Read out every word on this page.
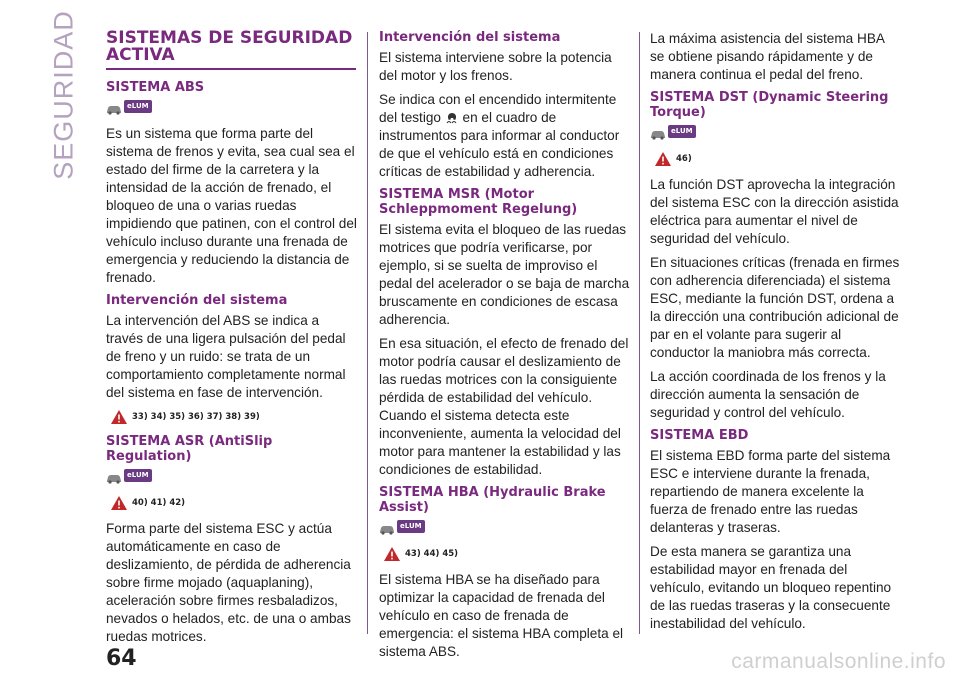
SEGURIDAD SISTEMAS DE SEGURIDAD ACTIVA
SISTEMA ABS
eLUM

Es un sistema que forma parte del sistema de frenos y evita, sea cual sea el estado del firme de la carretera y la intensidad de la acción de frenado, el bloqueo de una o varias ruedas impidiendo que patinen, con el control del vehículo incluso durante una frenada de emergencia y reduciendo la distancia de frenado.

Intervención del sistema

La intervención del ABS se indica a través de una ligera pulsación del pedal de freno y un ruido: se trata de un comportamiento completamente normal del sistema en fase de intervención.

33) 34) 35) 36) 37) 38) 39)
SISTEMA ASR (AntiSlip Regulation)
eLUM
40) 41) 42)

Forma parte del sistema ESC y actúa automáticamente en caso de deslizamiento, de pérdida de adherencia sobre firme mojado (aquaplaning), aceleración sobre firmes resbaladizos, nevados o helados, etc. de una o ambas ruedas motrices.

Intervención del sistema

El sistema interviene sobre la potencia del motor y los frenos.

Se indica con el encendido intermitente del testigo en el cuadro de instrumentos para informar al conductor de que el vehículo está en condiciones críticas de estabilidad y adherencia.

SISTEMA MSR (Motor Schleppmoment Regelung)

El sistema evita el bloqueo de las ruedas motrices que podría verificarse, por ejemplo, si se suelta de improviso el pedal del acelerador o se baja de marcha bruscamente en condiciones de escasa adherencia.

En esa situación, el efecto de frenado del motor podría causar el deslizamiento de las ruedas motrices con la consiguiente pérdida de estabilidad del vehículo. Cuando el sistema detecta este inconveniente, aumenta la velocidad del motor para mantener la estabilidad y las condiciones de estabilidad.

SISTEMA HBA (Hydraulic Brake Assist)
eLUM
43) 44) 45)

El sistema HBA se ha diseñado para optimizar la capacidad de frenada del vehículo en caso de frenada de emergencia: el sistema HBA completa el sistema ABS.

La máxima asistencia del sistema HBA se obtiene pisando rápidamente y de manera continua el pedal del freno.

SISTEMA DST (Dynamic Steering Torque)
eLUM
46)

La función DST aprovecha la integración del sistema ESC con la dirección asistida eléctrica para aumentar el nivel de seguridad del vehículo.

En situaciones críticas (frenada en firmes con adherencia diferenciada) el sistema ESC, mediante la función DST, ordena a la dirección una contribución adicional de par en el volante para sugerir al conductor la maniobra más correcta.

La acción coordinada de los frenos y la dirección aumenta la sensación de seguridad y control del vehículo.

SISTEMA EBD

El sistema EBD forma parte del sistema ESC e interviene durante la frenada, repartiendo de manera excelente la fuerza de frenado entre las ruedas delanteras y traseras.

De esta manera se garantiza una estabilidad mayor en frenada del vehículo, evitando un bloqueo repentino de las ruedas traseras y la consecuente inestabilidad del vehículo.

64	carmanualsonline.info
